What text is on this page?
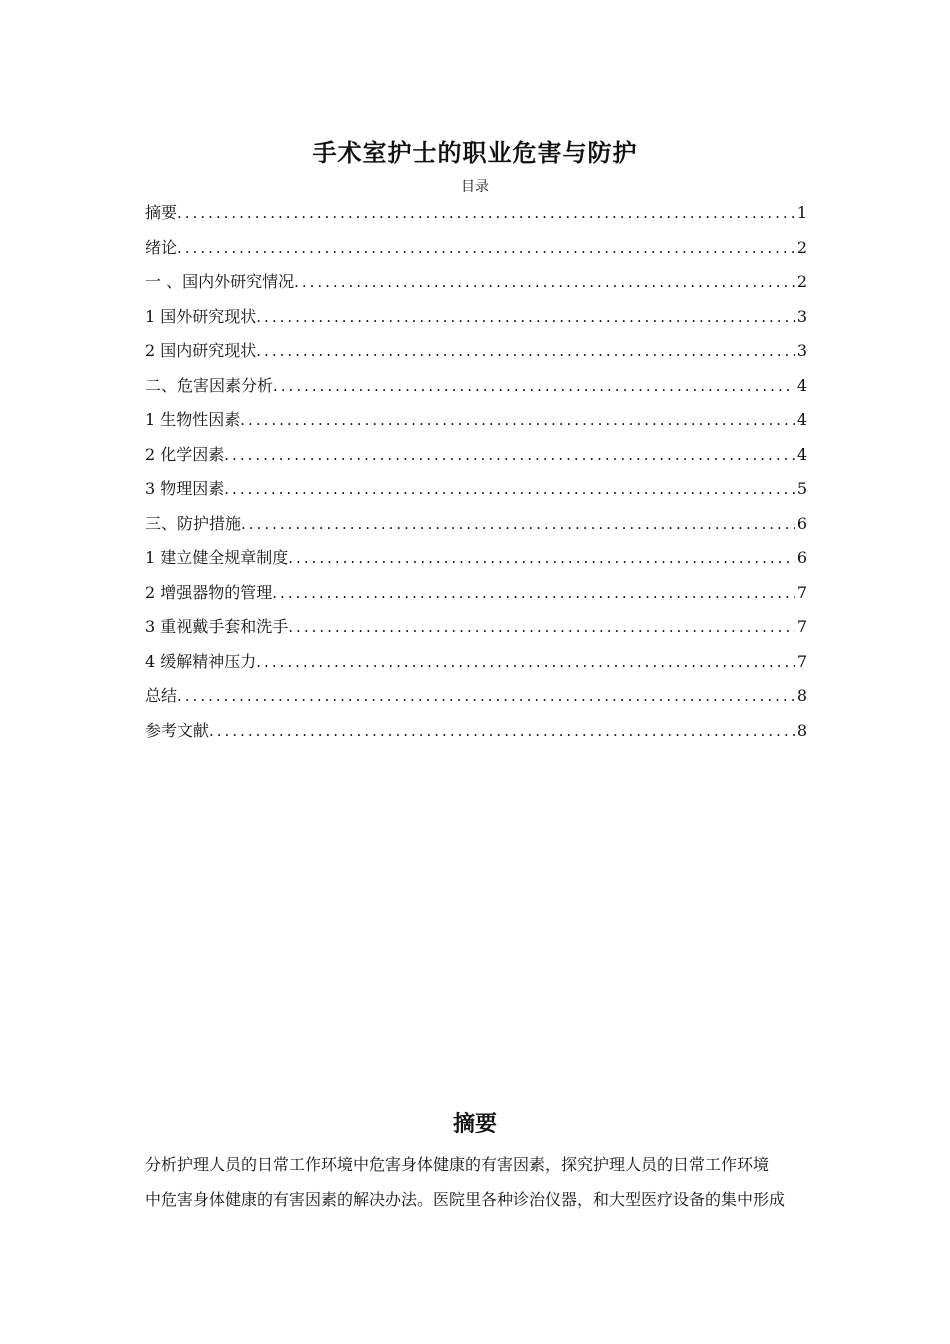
手术室护士的职业危害与防护
目录
摘要 .....	1
绪论 .....	2
一 、国内外研究情况 .....	2
1 国外研究现状 .....	3
2 国内研究现状 .....	3
二、危害因素分析 .....	4
1 生物性因素 .....	4
2 化学因素 .....	4
3 物理因素 .....	5
三、防护措施 .....	6
1 建立健全规章制度 .....	6
2 增强器物的管理 .....	7
3 重视戴手套和洗手 .....	7
4 缓解精神压力 .....	7
总结 .....	8
参考文献 .....	8
摘要

分析护理人员的日常工作环境中危害身体健康的有害因素，探究护理人员的日常工作环境
中危害身体健康的有害因素的解决办法。医院里各种诊治仪器，和大型医疗设备的集中形成
